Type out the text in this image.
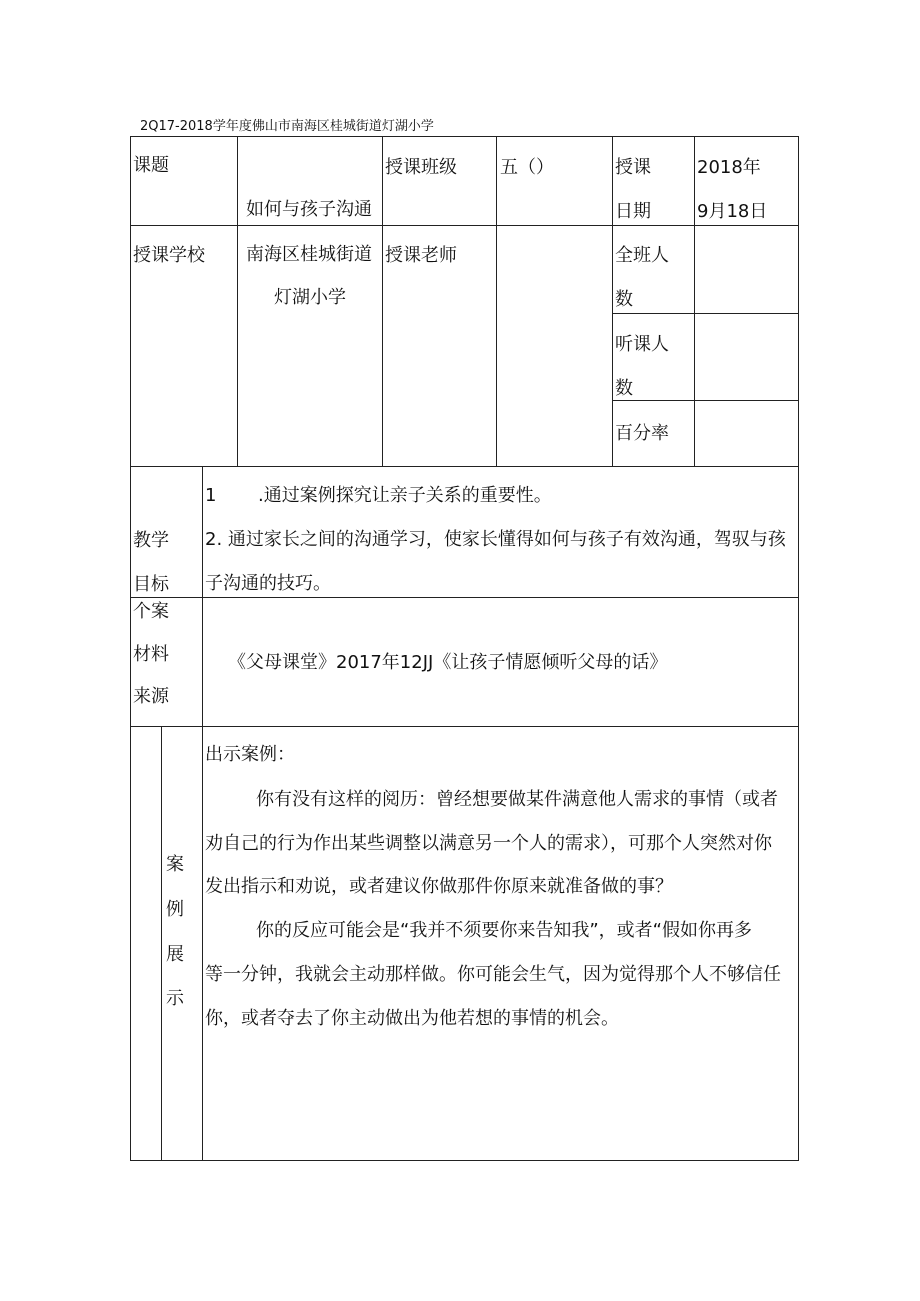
2Q17-2018学年度佛山市南海区桂城街道灯湖小学
课题
如何与孩子沟通
授课班级 五（）	授课
日期
2018年
9月18日
授课学校 南海区桂城街道
灯湖小学
授课老师	全班人
数
听课人
数
百分率
教学
目标
1 .通过案例探究让亲子关系的重要性。
2. 通过家长之间的沟通学习，使家长懂得如何与孩子有效沟通，驾驭与孩
子沟通的技巧。
个案
材料
来源
《父母课堂》2017年12JJ《让孩子情愿倾听父母的话》
案
例
展
示
出示案例：
你有没有这样的阅历：曾经想要做某件满意他人需求的事情（或者
劝自己的行为作出某些调整以满意另一个人的需求），可那个人突然对你
发出指示和劝说，或者建议你做那件你原来就准备做的事？
你的反应可能会是“我并不须要你来告知我”，或者“假如你再多
等一分钟，我就会主动那样做。你可能会生气，因为觉得那个人不够信任
你，或者夺去了你主动做出为他若想的事情的机会。
